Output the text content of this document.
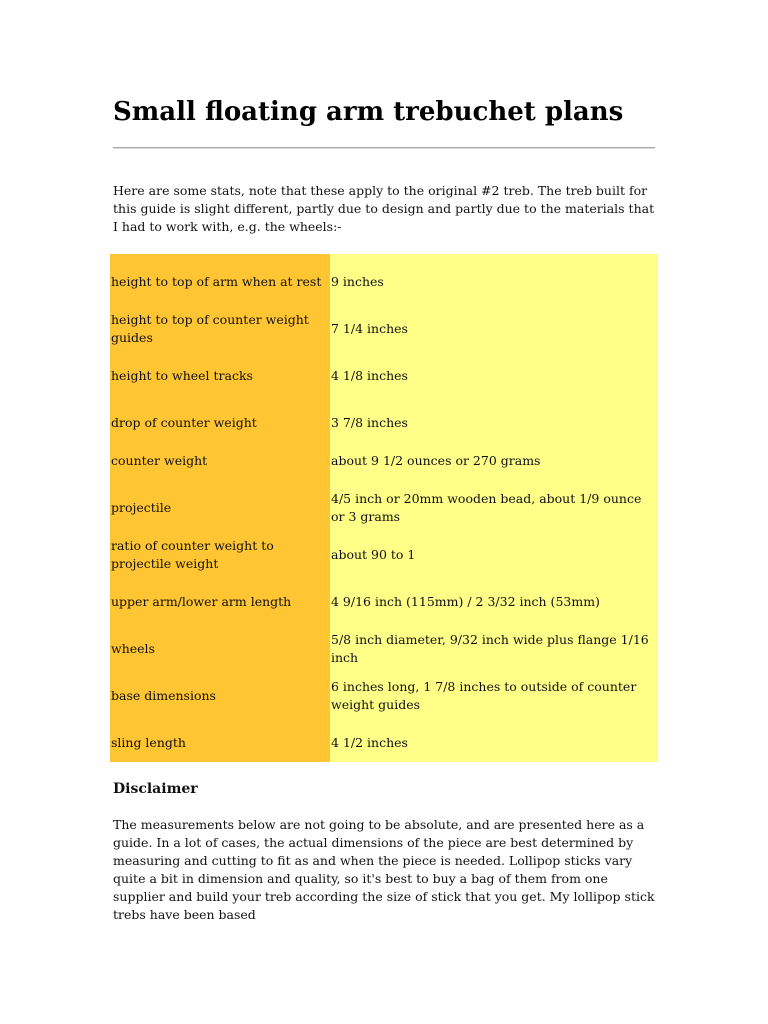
Small floating arm trebuchet plans

Here are some stats, note that these apply to the original #2 treb. The treb built for this guide is slight different, partly due to design and partly due to the materials that I had to work with, e.g. the wheels:-

height to top of arm when at rest	9 inches
height to top of counter weight guides	7 1/4 inches
height to wheel tracks	4 1/8 inches
drop of counter weight	3 7/8 inches
counter weight	about 9 1/2 ounces or 270 grams
projectile	4/5 inch or 20mm wooden bead, about 1/9 ounce or 3 grams
ratio of counter weight to projectile weight	about 90 to 1
upper arm/lower arm length	4 9/16 inch (115mm) / 2 3/32 inch (53mm)
wheels	5/8 inch diameter, 9/32 inch wide plus flange 1/16 inch
base dimensions	6 inches long, 1 7/8 inches to outside of counter weight guides
sling length	4 1/2 inches
Disclaimer

The measurements below are not going to be absolute, and are presented here as a guide. In a lot of cases, the actual dimensions of the piece are best determined by measuring and cutting to fit as and when the piece is needed. Lollipop sticks vary quite a bit in dimension and quality, so it's best to buy a bag of them from one supplier and build your treb according the size of stick that you get. My lollipop stick trebs have been based
